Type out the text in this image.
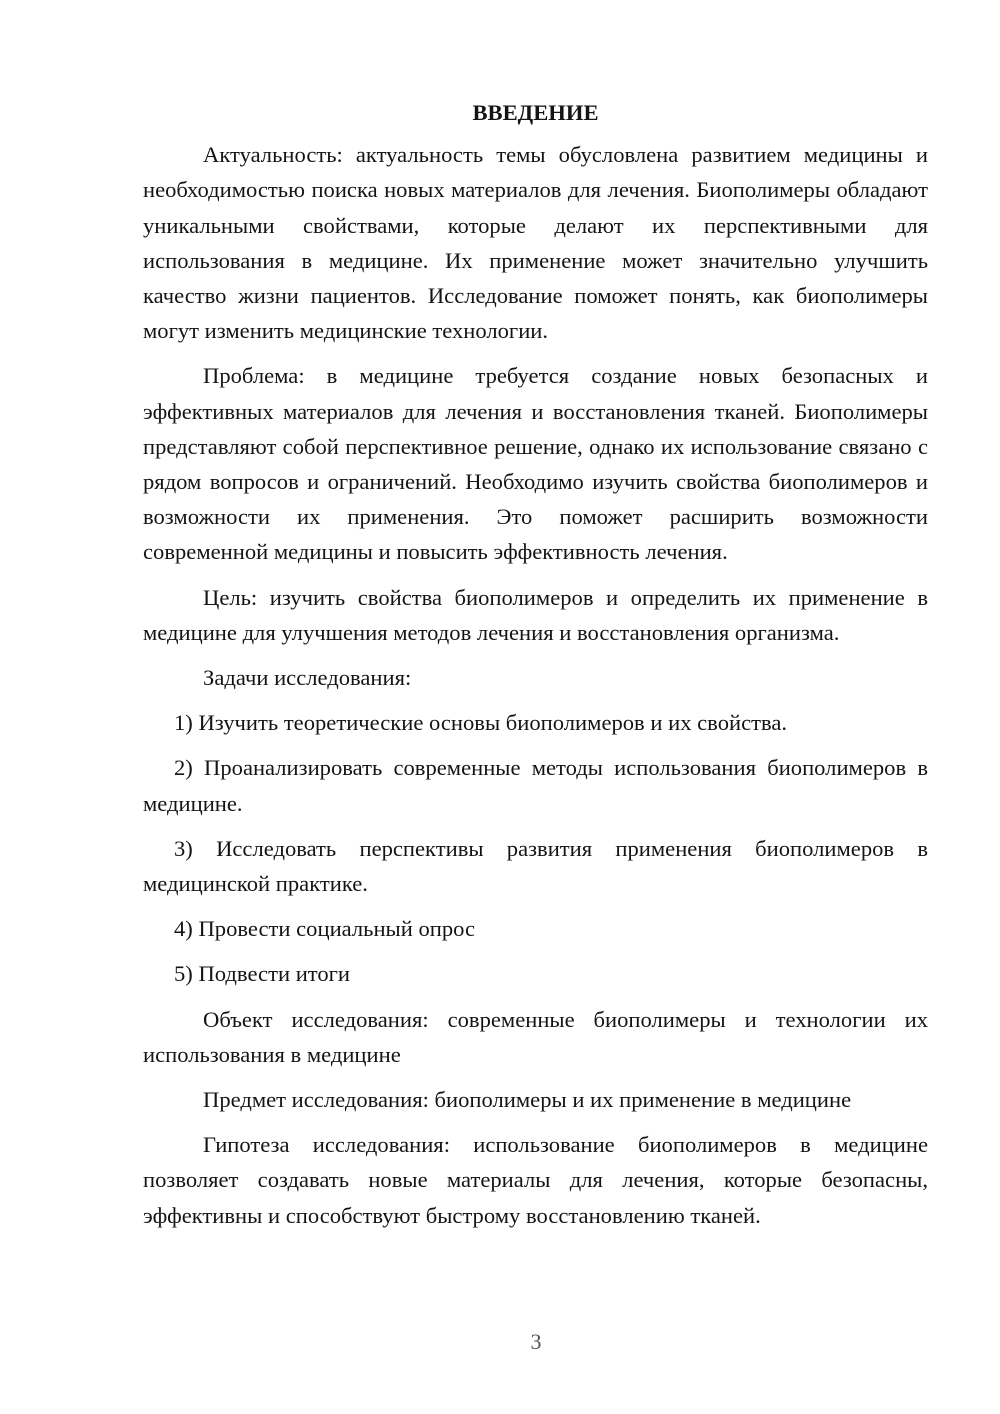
ВВЕДЕНИЕ

Актуальность: актуальность темы обусловлена развитием медицины и необходимостью поиска новых материалов для лечения. Биополимеры обладают уникальными свойствами, которые делают их перспективными для использования в медицине. Их применение может значительно улучшить качество жизни пациентов. Исследование поможет понять, как биополимеры могут изменить медицинские технологии.

Проблема: в медицине требуется создание новых безопасных и эффективных материалов для лечения и восстановления тканей. Биополимеры представляют собой перспективное решение, однако их использование связано с рядом вопросов и ограничений. Необходимо изучить свойства биополимеров и возможности их применения. Это поможет расширить возможности современной медицины и повысить эффективность лечения.

Цель: изучить свойства биополимеров и определить их применение в медицине для улучшения методов лечения и восстановления организма.

Задачи исследования:

1) Изучить теоретические основы биополимеров и их свойства.

2) Проанализировать современные методы использования биополимеров в медицине.

3) Исследовать перспективы развития применения биополимеров в медицинской практике.

4) Провести социальный опрос

5) Подвести итоги

Объект исследования: современные биополимеры и технологии их использования в медицине

Предмет исследования: биополимеры и их применение в медицине

Гипотеза исследования: использование биополимеров в медицине позволяет создавать новые материалы для лечения, которые безопасны, эффективны и способствуют быстрому восстановлению тканей.

3
